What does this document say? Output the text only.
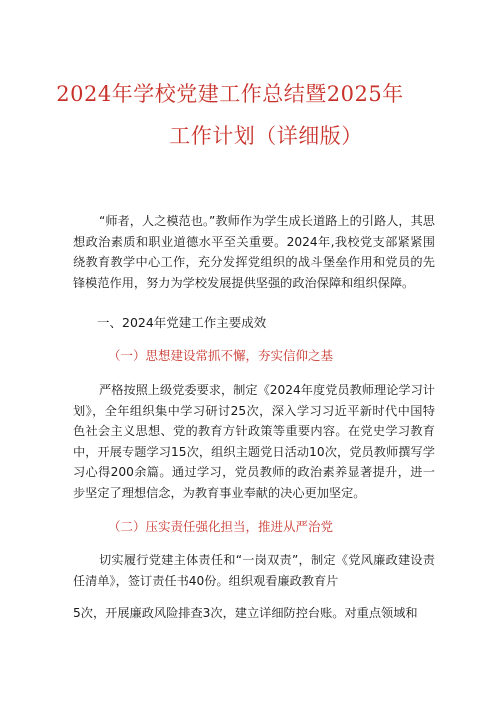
2024年学校党建工作总结暨2025年
工作计划（详细版）

“师者，人之模范也。”教师作为学生成长道路上的引路人，其思想政治素质和职业道德水平至关重要。2024年,我校党支部紧紧围绕教育教学中心工作，充分发挥党组织的战斗堡垒作用和党员的先锋模范作用，努力为学校发展提供坚强的政治保障和组织保障。

一、2024年党建工作主要成效
（一）思想建设常抓不懈，夯实信仰之基

严格按照上级党委要求，制定《2024年度党员教师理论学习计划》，全年组织集中学习研讨25次，深入学习习近平新时代中国特色社会主义思想、党的教育方针政策等重要内容。在党史学习教育中，开展专题学习15次，组织主题党日活动10次，党员教师撰写学习心得200余篇。通过学习，党员教师的政治素养显著提升，进一步坚定了理想信念，为教育事业奉献的决心更加坚定。

（二）压实责任强化担当，推进从严治党

切实履行党建主体责任和“一岗双责”，制定《党风廉政建设责任清单》，签订责任书40份。组织观看廉政教育片

5次，开展廉政风险排查3次，建立详细防控台账。对重点领域和
